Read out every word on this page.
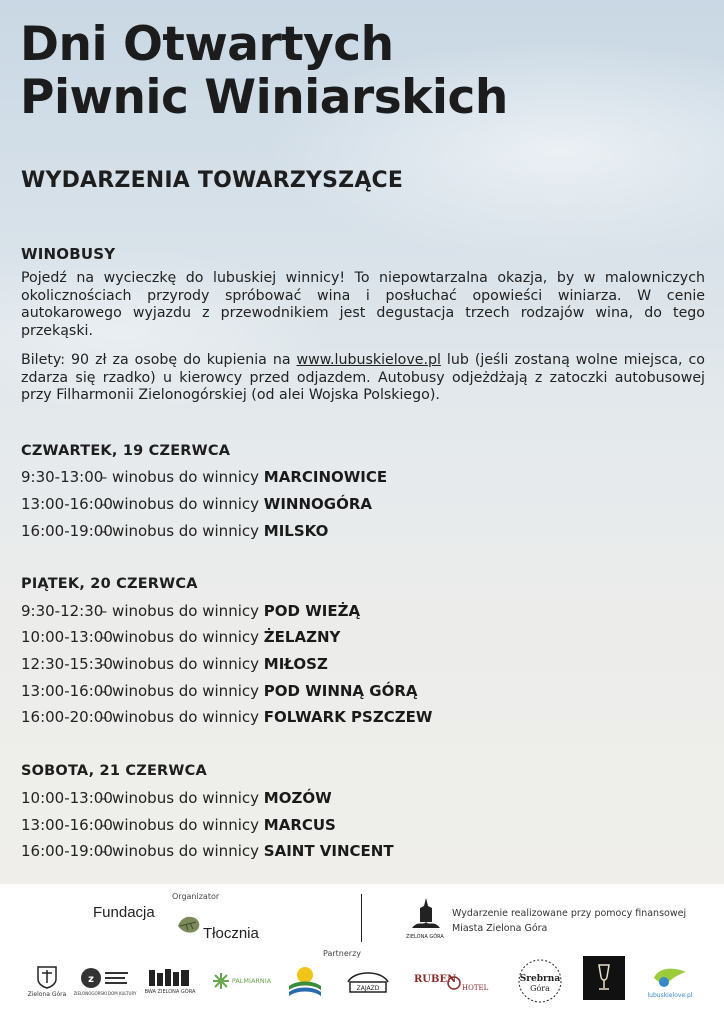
Dni Otwartych
Piwnic Winiarskich
WYDARZENIA TOWARZYSZĄCE
WINOBUSY

Pojedź na wycieczkę do lubuskiej winnicy! To niepowtarzalna okazja, by w malowniczych okolicznościach przyrody spróbować wina i posłuchać opowieści winiarza. W cenie autokarowego wyjazdu z przewodnikiem jest degustacja trzech rodzajów wina, do tego przekąski.

Bilety: 90 zł za osobę do kupienia na www.lubuskielove.pl lub (jeśli zostaną wolne miejsca, co zdarza się rzadko) u kierowcy przed odjazdem. Autobusy odjeżdżają z zatoczki autobusowej przy Filharmonii Zielonogórskiej (od alei Wojska Polskiego).

CZWARTEK, 19 CZERWCA
9:30-13:00 – winobus do winnicy MARCINOWICE
13:00-16:00 – winobus do winnicy WINNOGÓRA
16:00-19:00 – winobus do winnicy MILSKO
PIĄTEK, 20 CZERWCA
9:30-12:30 – winobus do winnicy POD WIEŻĄ
10:00-13:00 – winobus do winnicy ŻELAZNY
12:30-15:30 – winobus do winnicy MIŁOSZ
13:00-16:00 – winobus do winnicy POD WINNĄ GÓRĄ
16:00-20:00 – winobus do winnicy FOLWARK PSZCZEW
SOBOTA, 21 CZERWCA
10:00-13:00 – winobus do winnicy MOZÓW
13:00-16:00 – winobus do winnicy MARCUS
16:00-19:00 – winobus do winnicy SAINT VINCENT
Organizator
Fundacja
Tłocznia	ZIELONA GÓRA
Wydarzenie realizowane przy pomocy finansowej Miasta Zielona Góra
Partnerzy
Zielona Góra
z
ZIELONOGÓRSKI DOM KULTURY BWA ZIELONA GÓRA
PALMIARNIA
ZAJAZD
RUBEN
HOTEL
Srebrna
Góra
lubuskielove.pl
